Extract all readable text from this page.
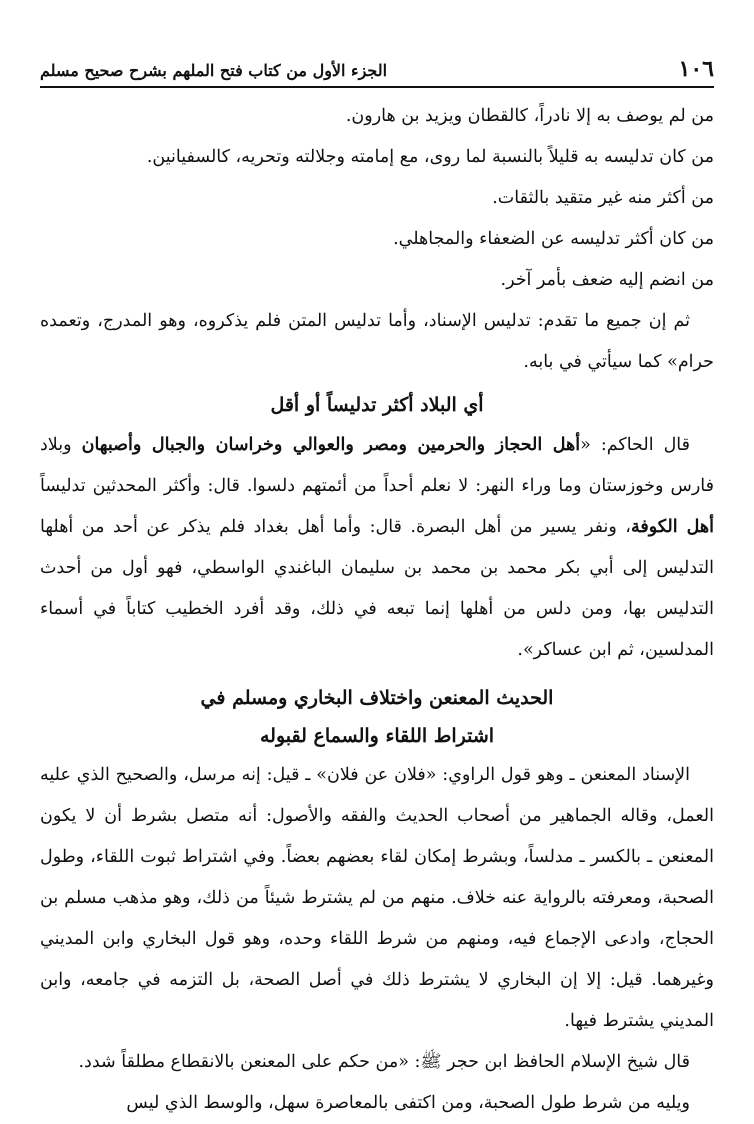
١٠٦
الجزء الأول من كتاب فتح الملهم بشرح صحيح مسلم

من لم يوصف به إلا نادراً، كالقطان ويزيد بن هارون.

من كان تدليسه به قليلاً بالنسبة لما روى، مع إمامته وجلالته وتحريه، كالسفيانين.

من أكثر منه غير متقيد بالثقات.

من كان أكثر تدليسه عن الضعفاء والمجاهلي.

من انضم إليه ضعف بأمر آخر.

ثم إن جميع ما تقدم: تدليس الإسناد، وأما تدليس المتن فلم يذكروه، وهو المدرج، وتعمده حرام» كما سيأتي في بابه.

أي البلاد أكثر تدليساً أو أقل

قال الحاكم: «أهل الحجاز والحرمين ومصر والعوالي وخراسان والجبال وأصبهان وبلاد فارس وخوزستان وما وراء النهر: لا نعلم أحداً من أئمتهم دلسوا. قال: وأكثر المحدثين تدليساً أهل الكوفة، ونفر يسير من أهل البصرة. قال: وأما أهل بغداد فلم يذكر عن أحد من أهلها التدليس إلى أبي بكر محمد بن محمد بن سليمان الباغندي الواسطي، فهو أول من أحدث التدليس بها، ومن دلس من أهلها إنما تبعه في ذلك، وقد أفرد الخطيب كتاباً في أسماء المدلسين، ثم ابن عساكر».

الحديث المعنعن واختلاف البخاري ومسلم في
اشتراط اللقاء والسماع لقبوله

الإسناد المعنعن ـ وهو قول الراوي: «فلان عن فلان» ـ قيل: إنه مرسل، والصحيح الذي عليه العمل، وقاله الجماهير من أصحاب الحديث والفقه والأصول: أنه متصل بشرط أن لا يكون المعنعن ـ بالكسر ـ مدلساً، وبشرط إمكان لقاء بعضهم بعضاً. وفي اشتراط ثبوت اللقاء، وطول الصحبة، ومعرفته بالرواية عنه خلاف. منهم من لم يشترط شيئاً من ذلك، وهو مذهب مسلم بن الحجاج، وادعى الإجماع فيه، ومنهم من شرط اللقاء وحده، وهو قول البخاري وابن المديني وغيرهما. قيل: إلا إن البخاري لا يشترط ذلك في أصل الصحة، بل التزمه في جامعه، وابن المديني يشترط فيها.

قال شيخ الإسلام الحافظ ابن حجر ﷺ: «من حكم على المعنعن بالانقطاع مطلقاً شدد.

ويليه من شرط طول الصحبة، ومن اكتفى بالمعاصرة سهل، والوسط الذي ليس
